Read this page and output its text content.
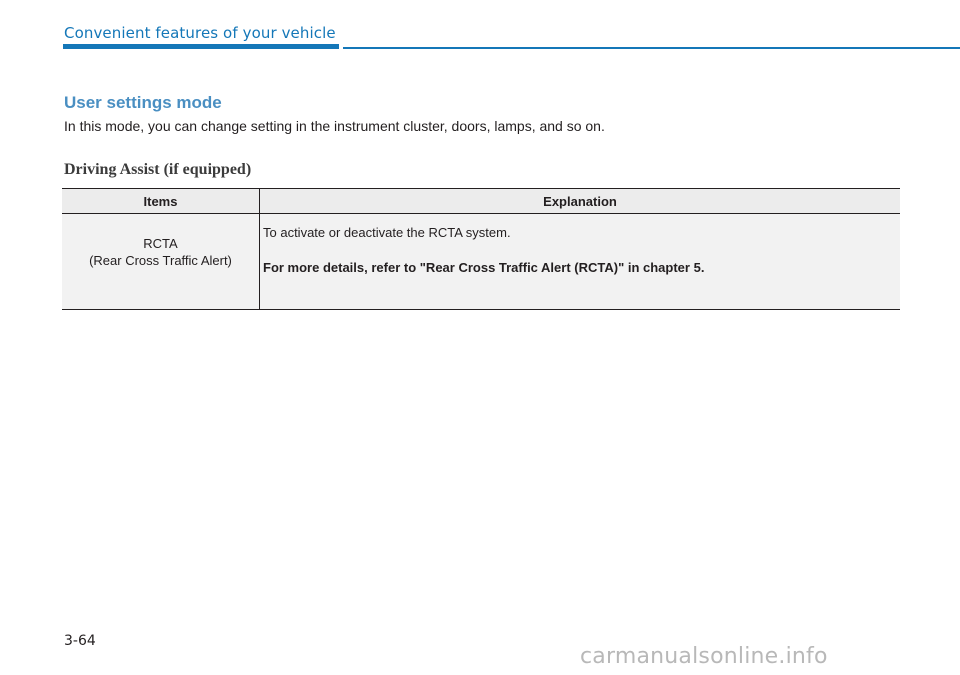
Convenient features of your vehicle
User settings mode
In this mode, you can change setting in the instrument cluster, doors, lamps, and so on.
Driving Assist (if equipped)
Items	Explanation

RCTA
(Rear Cross Traffic Alert)	To activate or deactivate the RCTA system.
For more details, refer to "Rear Cross Traffic Alert (RCTA)" in chapter 5.
3-64
carmanualsonline.info
